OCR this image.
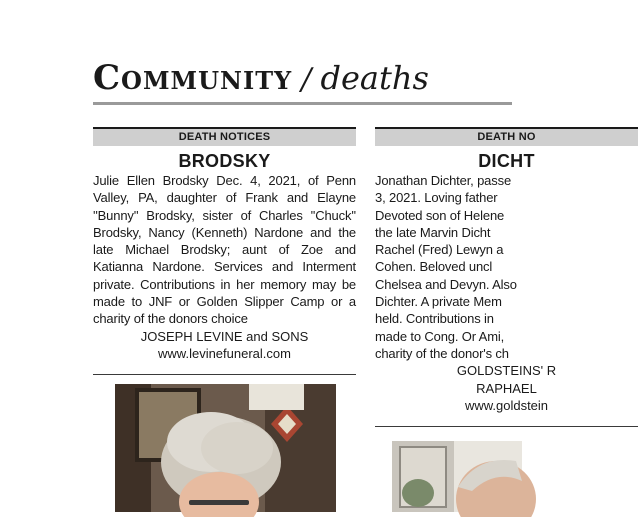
Community / deaths
DEATH NOTICES
BRODSKY
Julie Ellen Brodsky Dec. 4, 2021, of Penn Valley, PA, daughter of Frank and Elayne ''Bunny'' Brodsky, sister of Charles ''Chuck'' Brodsky, Nancy (Kenneth) Nardone and the late Michael Brodsky; aunt of Zoe and Katianna Nardone. Services and Interment private. Contributions in her memory may be made to JNF or Golden Slipper Camp or a charity of the donors choice
JOSEPH LEVINE and SONS
www.levinefuneral.com
DEATH NO
DICHT
Jonathan Dichter, passe
3, 2021. Loving father
Devoted son of Helene
the late Marvin Dicht
Rachel (Fred) Lewyn a
Cohen. Beloved uncl
Chelsea and Devyn. Also
Dichter. A private Mem
held. Contributions in
made to Cong. Or Ami,
charity of the donor's ch
GOLDSTEINS' R
RAPHAEL
www.goldstein
